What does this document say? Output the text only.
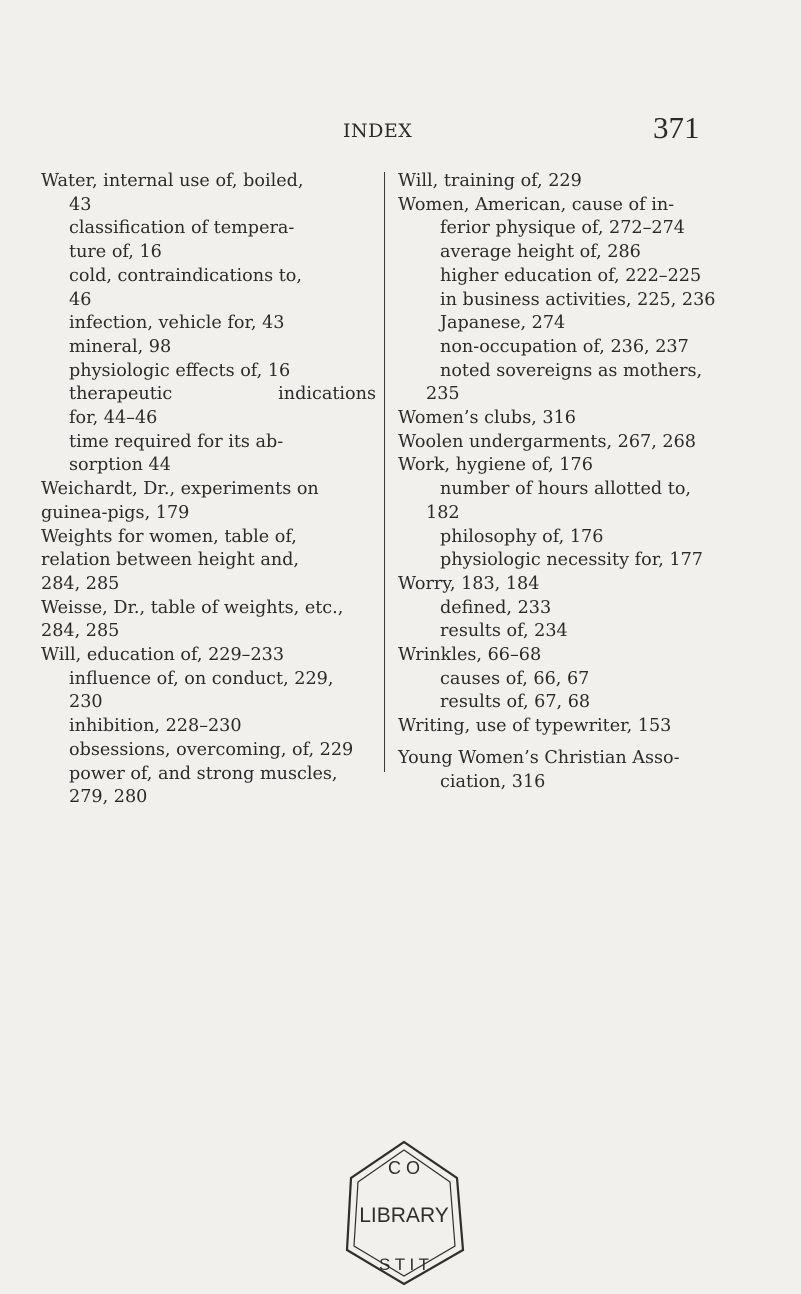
INDEX	371
Water, internal use of, boiled,
43
classification of tempera-
ture of, 16
cold, contraindications to,
46
infection, vehicle for, 43
mineral, 98
physiologic effects of, 16
therapeutic indications
for, 44–46
time required for its ab-
sorption 44
Weichardt, Dr., experiments on
guinea-pigs, 179
Weights for women, table of,
relation between height and,
284, 285
Weisse, Dr., table of weights, etc.,
284, 285
Will, education of, 229–233
influence of, on conduct, 229,
230
inhibition, 228–230
obsessions, overcoming, of, 229
power of, and strong muscles,
279, 280
Will, training of, 229
Women, American, cause of in-
ferior physique of, 272–274
average height of, 286
higher education of, 222–225
in business activities, 225, 236
Japanese, 274
non-occupation of, 236, 237
noted sovereigns as mothers,
235
Women’s clubs, 316
Woolen undergarments, 267, 268
Work, hygiene of, 176
number of hours allotted to,
182
philosophy of, 176
physiologic necessity for, 177
Worry, 183, 184
defined, 233
results of, 234
Wrinkles, 66–68
causes of, 66, 67
results of, 67, 68
Writing, use of typewriter, 153
Young Women’s Christian Asso-
ciation, 316
C O
LIBRARY
S T I T
